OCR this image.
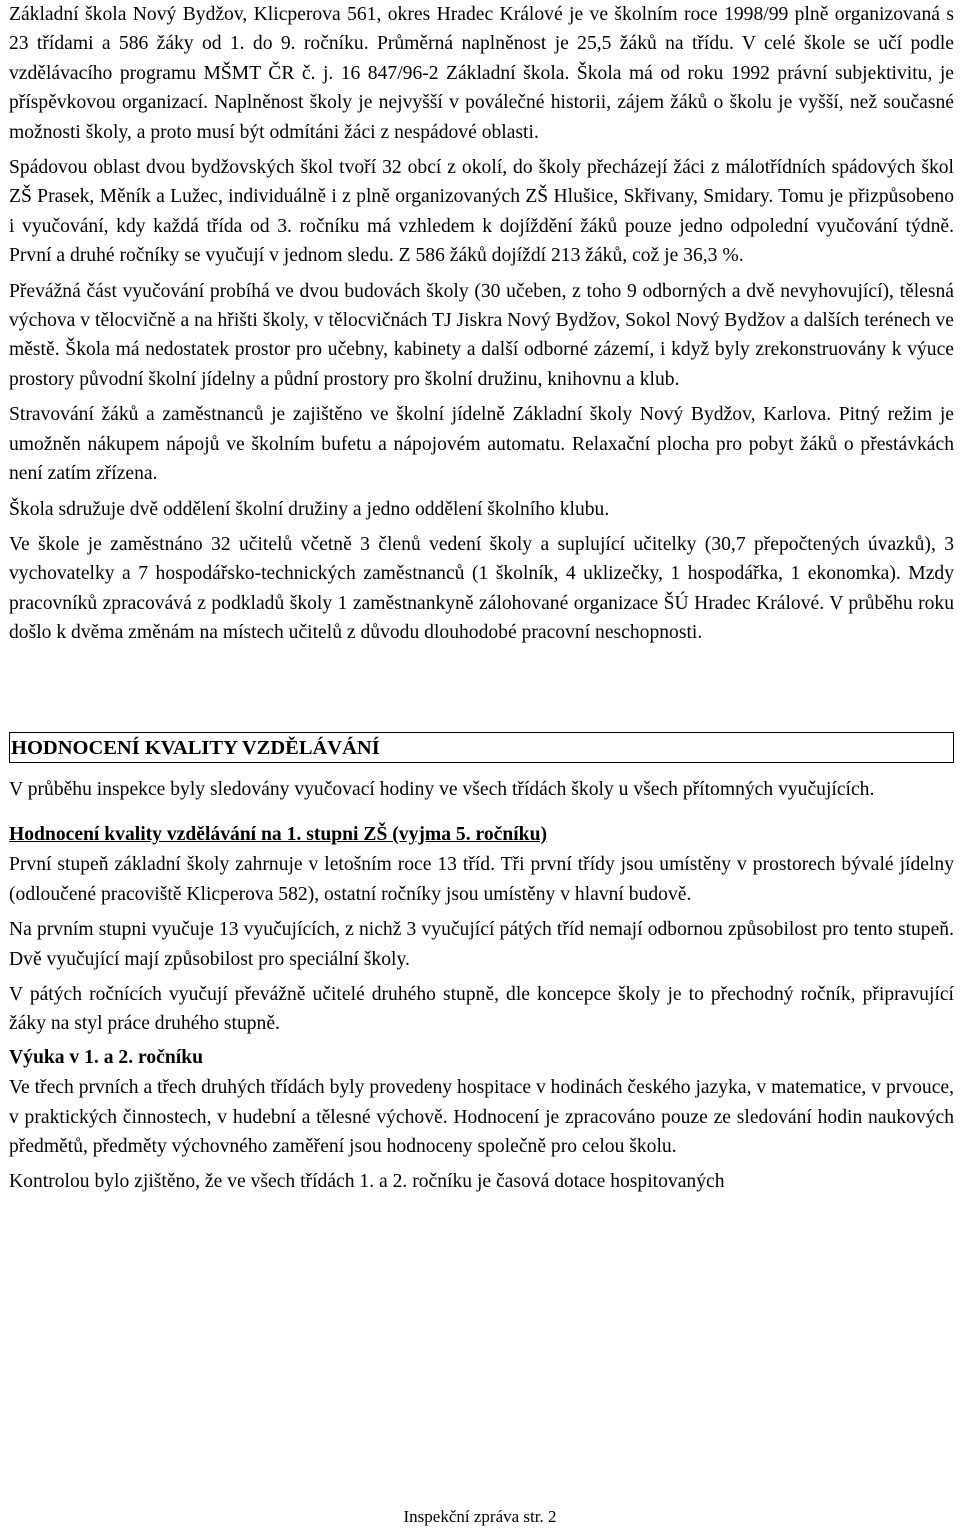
Základní škola Nový Bydžov, Klicperova 561, okres Hradec Králové je ve školním roce 1998/99 plně organizovaná s 23 třídami a 586 žáky od 1. do 9. ročníku. Průměrná naplněnost je 25,5 žáků na třídu. V celé škole se učí podle vzdělávacího programu MŠMT ČR č. j. 16 847/96-2 Základní škola. Škola má od roku 1992 právní subjektivitu, je příspěvkovou organizací. Naplněnost školy je nejvyšší v poválečné historii, zájem žáků o školu je vyšší, než současné možnosti školy, a proto musí být odmítáni žáci z nespádové oblasti.

Spádovou oblast dvou bydžovských škol tvoří 32 obcí z okolí, do školy přecházejí žáci z málotřídních spádových škol ZŠ Prasek, Měník a Lužec, individuálně i z plně organizovaných ZŠ Hlušice, Skřivany, Smidary. Tomu je přizpůsobeno i vyučování, kdy každá třída od 3. ročníku má vzhledem k dojíždění žáků pouze jedno odpolední vyučování týdně. První a druhé ročníky se vyučují v jednom sledu. Z 586 žáků dojíždí 213 žáků, což je 36,3 %.

Převážná část vyučování probíhá ve dvou budovách školy (30 učeben, z toho 9 odborných a dvě nevyhovující), tělesná výchova v tělocvičně a na hřišti školy, v tělocvičnách TJ Jiskra Nový Bydžov, Sokol Nový Bydžov a dalších terénech ve městě. Škola má nedostatek prostor pro učebny, kabinety a další odborné zázemí, i když byly zrekonstruovány k výuce prostory původní školní jídelny a půdní prostory pro školní družinu, knihovnu a klub.

Stravování žáků a zaměstnanců je zajištěno ve školní jídelně Základní školy Nový Bydžov, Karlova. Pitný režim je umožněn nákupem nápojů ve školním bufetu a nápojovém automatu. Relaxační plocha pro pobyt žáků o přestávkách není zatím zřízena.

Škola sdružuje dvě oddělení školní družiny a jedno oddělení školního klubu.

Ve škole je zaměstnáno 32 učitelů včetně 3 členů vedení školy a suplující učitelky (30,7 přepočtených úvazků), 3 vychovatelky a 7 hospodářsko-technických zaměstnanců (1 školník, 4 uklizečky, 1 hospodářka, 1 ekonomka). Mzdy pracovníků zpracovává z podkladů školy 1 zaměstnankyně zálohované organizace ŠÚ Hradec Králové. V průběhu roku došlo k dvěma změnám na místech učitelů z důvodu dlouhodobé pracovní neschopnosti.

HODNOCENÍ KVALITY VZDĚLÁVÁNÍ

V průběhu inspekce byly sledovány vyučovací hodiny ve všech třídách školy u všech přítomných vyučujících.

Hodnocení kvality vzdělávání na 1. stupni ZŠ (vyjma 5. ročníku)

První stupeň základní školy zahrnuje v letošním roce 13 tříd. Tři první třídy jsou umístěny v prostorech bývalé jídelny (odloučené pracoviště Klicperova 582), ostatní ročníky jsou umístěny v hlavní budově.

Na prvním stupni vyučuje 13 vyučujících, z nichž 3 vyučující pátých tříd nemají odbornou způsobilost pro tento stupeň. Dvě vyučující mají způsobilost pro speciální školy.

V pátých ročnících vyučují převážně učitelé druhého stupně, dle koncepce školy je to přechodný ročník, připravující žáky na styl práce druhého stupně.

Výuka v 1. a 2. ročníku

Ve třech prvních a třech druhých třídách byly provedeny hospitace v hodinách českého jazyka, v matematice, v prvouce, v praktických činnostech, v hudební a tělesné výchově. Hodnocení je zpracováno pouze ze sledování hodin naukových předmětů, předměty výchovného zaměření jsou hodnoceny společně pro celou školu.

Kontrolou bylo zjištěno, že ve všech třídách 1. a 2. ročníku je časová dotace hospitovaných

Inspekční zpráva str. 2
